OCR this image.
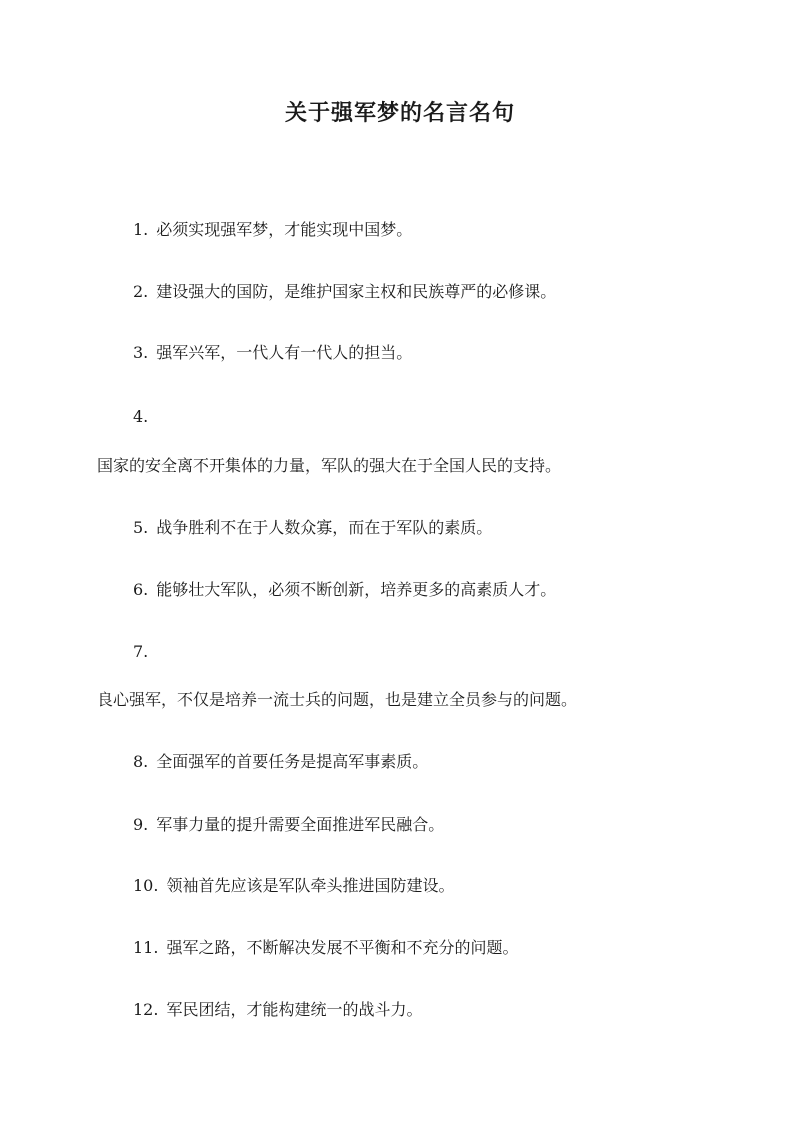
关于强军梦的名言名句
1. 必须实现强军梦，才能实现中国梦。
2. 建设强大的国防，是维护国家主权和民族尊严的必修课。
3. 强军兴军，一代人有一代人的担当。
4.
国家的安全离不开集体的力量，军队的强大在于全国人民的支持。
5. 战争胜利不在于人数众寡，而在于军队的素质。
6. 能够壮大军队，必须不断创新，培养更多的高素质人才。
7.
良心强军，不仅是培养一流士兵的问题，也是建立全员参与的问题。
8. 全面强军的首要任务是提高军事素质。
9. 军事力量的提升需要全面推进军民融合。
10. 领袖首先应该是军队牵头推进国防建设。
11. 强军之路，不断解决发展不平衡和不充分的问题。
12. 军民团结，才能构建统一的战斗力。
